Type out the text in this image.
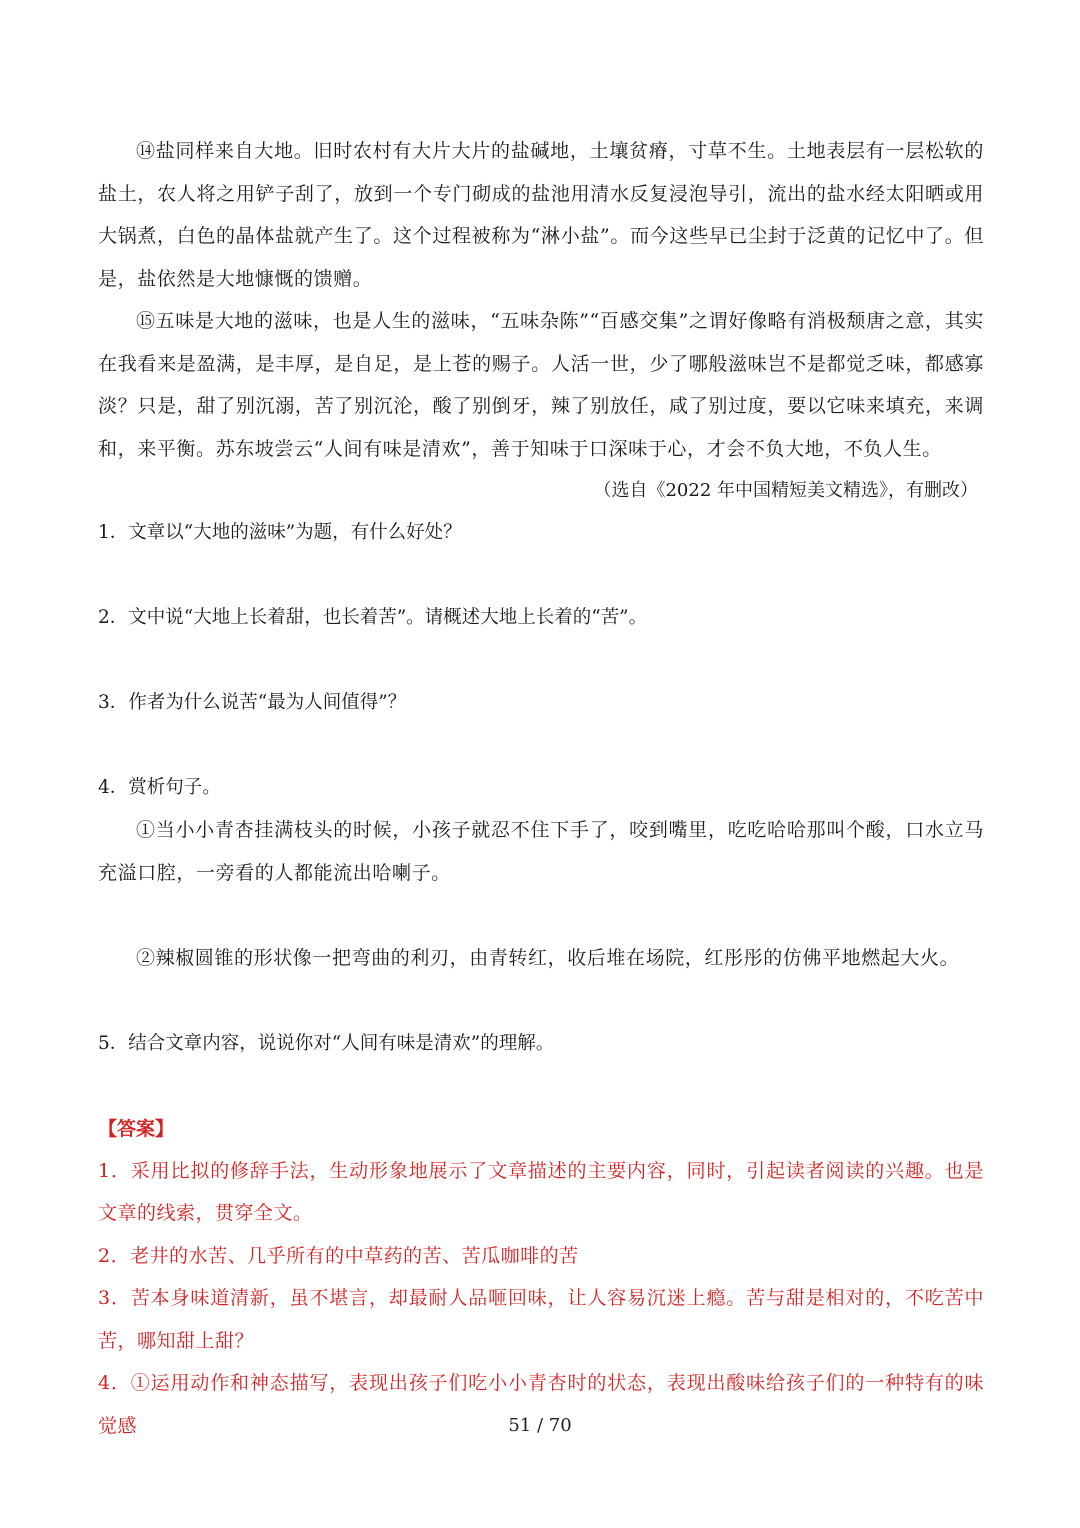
⑭盐同样来自大地。旧时农村有大片大片的盐碱地，土壤贫瘠，寸草不生。土地表层有一层松软的盐土，农人将之用铲子刮了，放到一个专门砌成的盐池用清水反复浸泡导引，流出的盐水经太阳晒或用大锅煮，白色的晶体盐就产生了。这个过程被称为“淋小盐”。而今这些早已尘封于泛黄的记忆中了。但是，盐依然是大地慷慨的馈赠。

⑮五味是大地的滋味，也是人生的滋味，“五味杂陈”“百感交集”之谓好像略有消极颓唐之意，其实在我看来是盈满，是丰厚，是自足，是上苍的赐子。人活一世，少了哪般滋味岂不是都觉乏味，都感寡淡？只是，甜了别沉溺，苦了别沉沦，酸了别倒牙，辣了别放任，咸了别过度，要以它味来填充，来调和，来平衡。苏东坡尝云“人间有味是清欢”，善于知味于口深味于心，才会不负大地，不负人生。

（选自《2022 年中国精短美文精选》，有删改）

1．文章以“大地的滋味”为题，有什么好处？

2．文中说“大地上长着甜，也长着苦”。请概述大地上长着的“苦”。

3．作者为什么说苦“最为人间值得”？

4．赏析句子。

①当小小青杏挂满枝头的时候，小孩子就忍不住下手了，咬到嘴里，吃吃哈哈那叫个酸，口水立马充溢口腔，一旁看的人都能流出哈喇子。

②辣椒圆锥的形状像一把弯曲的利刃，由青转红，收后堆在场院，红彤彤的仿佛平地燃起大火。

5．结合文章内容，说说你对“人间有味是清欢”的理解。

【答案】

1．采用比拟的修辞手法，生动形象地展示了文章描述的主要内容，同时，引起读者阅读的兴趣。也是文章的线索，贯穿全文。

2．老井的水苦、几乎所有的中草药的苦、苦瓜咖啡的苦

3．苦本身味道清新，虽不堪言，却最耐人品咂回味，让人容易沉迷上瘾。苦与甜是相对的，不吃苦中苦，哪知甜上甜？

4．①运用动作和神态描写，表现出孩子们吃小小青杏时的状态，表现出酸味给孩子们的一种特有的味觉感	51 / 70
